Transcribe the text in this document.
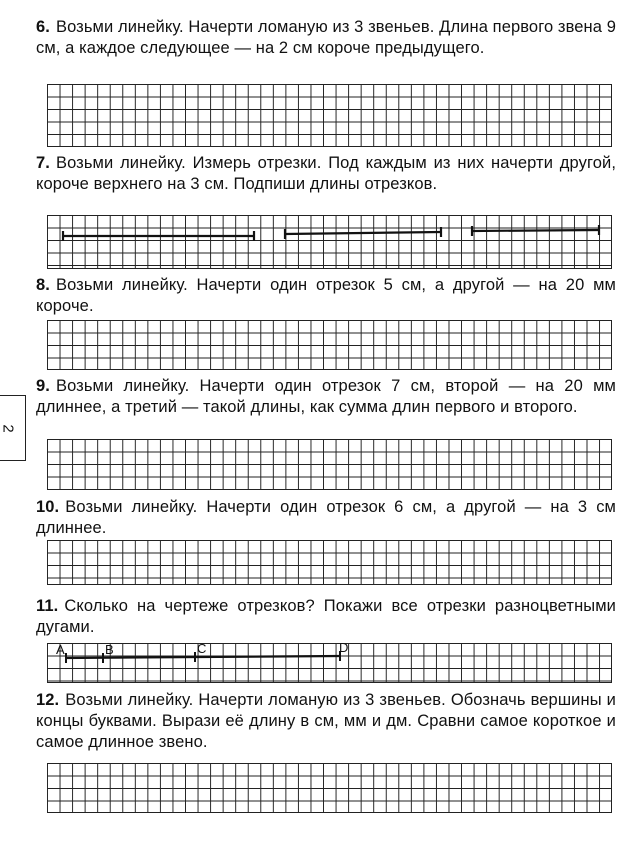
2

6. Возьми линейку. Начерти ломаную из 3 звеньев. Длина первого звена 9 см, а каждое следующее — на 2 см короче предыдущего.

7. Возьми линейку. Измерь отрезки. Под каждым из них начерти другой, короче верхнего на 3 см. Подпиши длины отрезков.

8. Возьми линейку. Начерти один отрезок 5 см, а другой — на 20 мм короче.

9. Возьми линейку. Начерти один отрезок 7 см, второй — на 20 мм длиннее, а третий — такой длины, как сумма длин первого и второго.

10. Возьми линейку. Начерти один отрезок 6 см, а другой — на 3 см длиннее.

11. Сколько на чертеже отрезков? Покажи все отрезки разноцветными дугами.

12. Возьми линейку. Начерти ломаную из 3 звеньев. Обозначь вершины и концы буквами. Вырази её длину в см, мм и дм. Сравни самое короткое и самое длинное звено.

A	B	C	D
